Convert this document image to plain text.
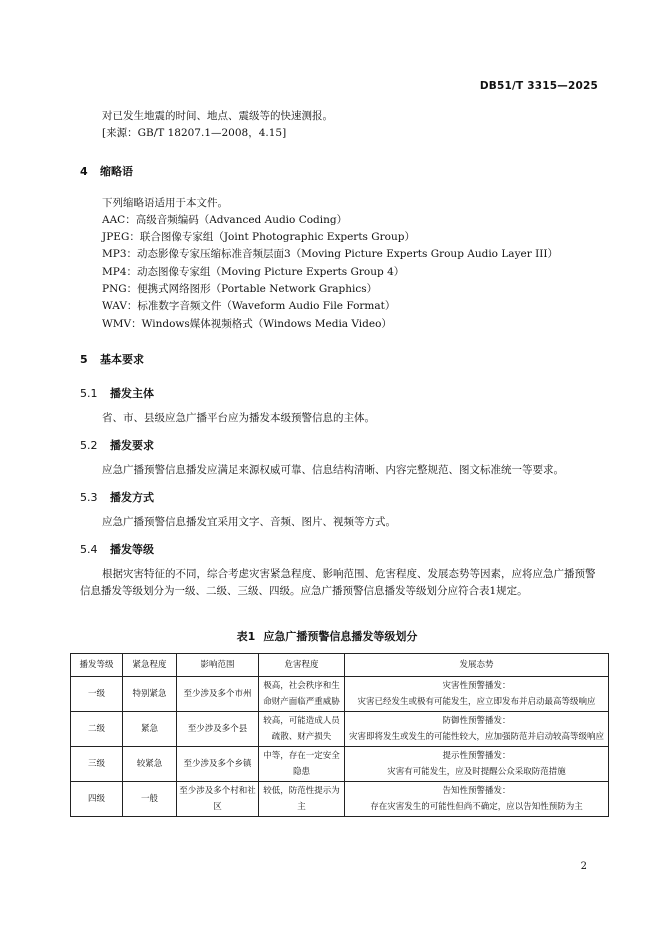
DB51/T 3315—2025
对已发生地震的时间、地点、震级等的快速测报。
[来源：GB/T 18207.1—2008，4.15]
4 缩略语
下列缩略语适用于本文件。
AAC：高级音频编码（Advanced Audio Coding）
JPEG：联合图像专家组（Joint Photographic Experts Group）
MP3：动态影像专家压缩标准音频层面3（Moving Picture Experts Group Audio Layer III）
MP4：动态图像专家组（Moving Picture Experts Group 4）
PNG：便携式网络图形（Portable Network Graphics）
WAV：标准数字音频文件（Waveform Audio File Format）
WMV：Windows媒体视频格式（Windows Media Video）
5 基本要求
5.1 播发主体
省、市、县级应急广播平台应为播发本级预警信息的主体。
5.2 播发要求
应急广播预警信息播发应满足来源权威可靠、信息结构清晰、内容完整规范、图文标准统一等要求。
5.3 播发方式
应急广播预警信息播发宜采用文字、音频、图片、视频等方式。
5.4 播发等级
根据灾害特征的不同，综合考虑灾害紧急程度、影响范围、危害程度、发展态势等因素，应将应急广播预警信息播发等级划分为一级、二级、三级、四级。应急广播预警信息播发等级划分应符合表1规定。
表1 应急广播预警信息播发等级划分
播发等级	紧急程度	影响范围	危害程度	发展态势
一级	特别紧急	至少涉及多个市州	极高，社会秩序和生命财产面临严重威胁	灾害性预警播发：
灾害已经发生或极有可能发生，应立即发布并启动最高等级响应

二级	紧急	至少涉及多个县	较高，可能造成人员疏散、财产损失	防御性预警播发：
灾害即将发生或发生的可能性较大，应加强防范并启动较高等级响应

三级	较紧急	至少涉及多个乡镇	中等，存在一定安全隐患	提示性预警播发：
灾害有可能发生，应及时提醒公众采取防范措施

四级	一般	至少涉及多个村和社区	较低，防范性提示为主	告知性预警播发：
存在灾害发生的可能性但尚不确定，应以告知性预防为主
2
